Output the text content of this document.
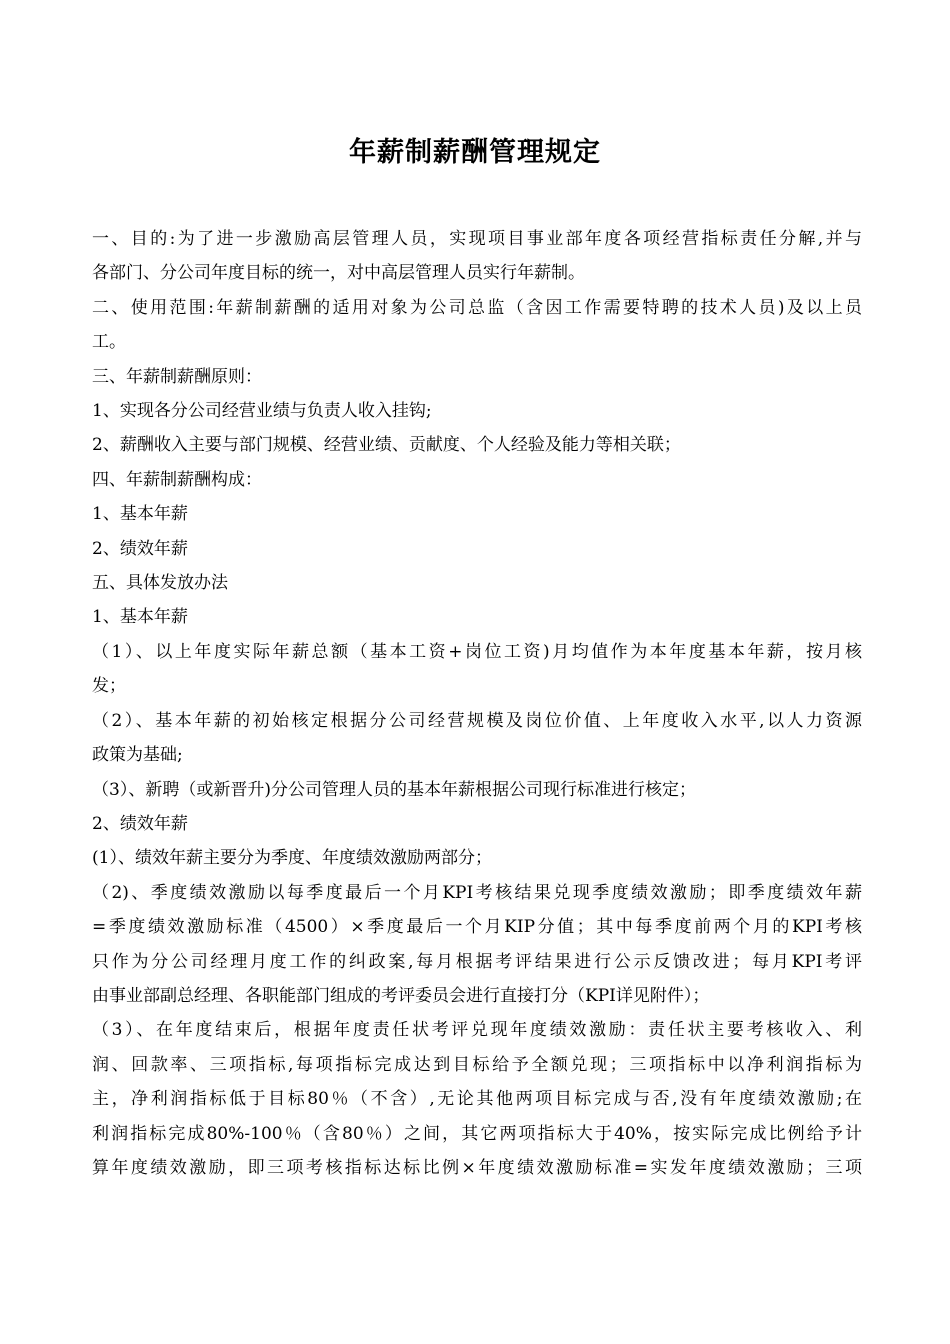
年薪制薪酬管理规定
一、目的:为了进一步激励高层管理人员，实现项目事业部年度各项经营指标责任分解,并与
各部门、分公司年度目标的统一，对中高层管理人员实行年薪制。
二、使用范围:年薪制薪酬的适用对象为公司总监（含因工作需要特聘的技术人员)及以上员
工。
三、年薪制薪酬原则：
1、实现各分公司经营业绩与负责人收入挂钩;
2、薪酬收入主要与部门规模、经营业绩、贡献度、个人经验及能力等相关联；
四、年薪制薪酬构成：
1、基本年薪
2、绩效年薪
五、具体发放办法
1、基本年薪
（1）、以上年度实际年薪总额（基本工资+岗位工资)月均值作为本年度基本年薪，按月核
发；
（2）、基本年薪的初始核定根据分公司经营规模及岗位价值、上年度收入水平,以人力资源
政策为基础;
（3）、新聘（或新晋升)分公司管理人员的基本年薪根据公司现行标准进行核定；
2、绩效年薪
(1）、绩效年薪主要分为季度、年度绩效激励两部分；
（2)、季度绩效激励以每季度最后一个月KPI考核结果兑现季度绩效激励；即季度绩效年薪
=季度绩效激励标准（4500）×季度最后一个月KIP分值；其中每季度前两个月的KPI考核
只作为分公司经理月度工作的纠政案,每月根据考评结果进行公示反馈改进；每月KPI考评
由事业部副总经理、各职能部门组成的考评委员会进行直接打分（KPI详见附件）；
（3）、在年度结束后，根据年度责任状考评兑现年度绩效激励：责任状主要考核收入、利
润、回款率、三项指标,每项指标完成达到目标给予全额兑现；三项指标中以净利润指标为
主，净利润指标低于目标80％（不含）,无论其他两项目标完成与否,没有年度绩效激励;在
利润指标完成80%-100％（含80％）之间，其它两项指标大于40%，按实际完成比例给予计
算年度绩效激励，即三项考核指标达标比例×年度绩效激励标准=实发年度绩效激励；三项
